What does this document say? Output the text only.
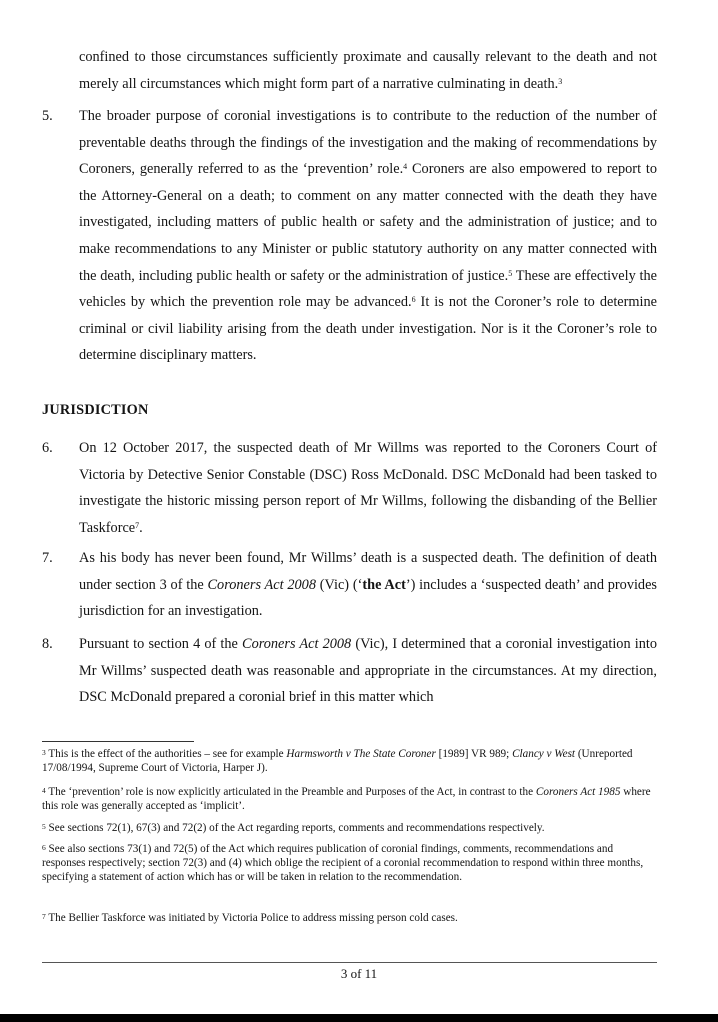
confined to those circumstances sufficiently proximate and causally relevant to the death and not merely all circumstances which might form part of a narrative culminating in death.$^3$
5. The broader purpose of coronial investigations is to contribute to the reduction of the number of preventable deaths through the findings of the investigation and the making of recommendations by Coroners, generally referred to as the ‘prevention’ role.$^4$ Coroners are also empowered to report to the Attorney-General on a death; to comment on any matter connected with the death they have investigated, including matters of public health or safety and the administration of justice; and to make recommendations to any Minister or public statutory authority on any matter connected with the death, including public health or safety or the administration of justice.$^5$ These are effectively the vehicles by which the prevention role may be advanced.$^6$ It is not the Coroner’s role to determine criminal or civil liability arising from the death under investigation. Nor is it the Coroner’s role to determine disciplinary matters.
JURISDICTION
6. On 12 October 2017, the suspected death of Mr Willms was reported to the Coroners Court of Victoria by Detective Senior Constable (DSC) Ross McDonald. DSC McDonald had been tasked to investigate the historic missing person report of Mr Willms, following the disbanding of the Bellier Taskforce$^7$.
7. As his body has never been found, Mr Willms’ death is a suspected death. The definition of death under section 3 of the Coroners Act 2008 (Vic) (‘the Act’) includes a ‘suspected death’ and provides jurisdiction for an investigation.
8. Pursuant to section 4 of the Coroners Act 2008 (Vic), I determined that a coronial investigation into Mr Willms’ suspected death was reasonable and appropriate in the circumstances. At my direction, DSC McDonald prepared a coronial brief in this matter which
$^3$ This is the effect of the authorities – see for example Harmsworth v The State Coroner [1989] VR 989; Clancy v West (Unreported 17/08/1994, Supreme Court of Victoria, Harper J).
$^4$ The ‘prevention’ role is now explicitly articulated in the Preamble and Purposes of the Act, in contrast to the Coroners Act 1985 where this role was generally accepted as ‘implicit’.
$^5$ See sections 72(1), 67(3) and 72(2) of the Act regarding reports, comments and recommendations respectively.
$^6$ See also sections 73(1) and 72(5) of the Act which requires publication of coronial findings, comments, recommendations and responses respectively; section 72(3) and (4) which oblige the recipient of a coronial recommendation to respond within three months, specifying a statement of action which has or will be taken in relation to the recommendation.
$^7$ The Bellier Taskforce was initiated by Victoria Police to address missing person cold cases.
3 of 11
